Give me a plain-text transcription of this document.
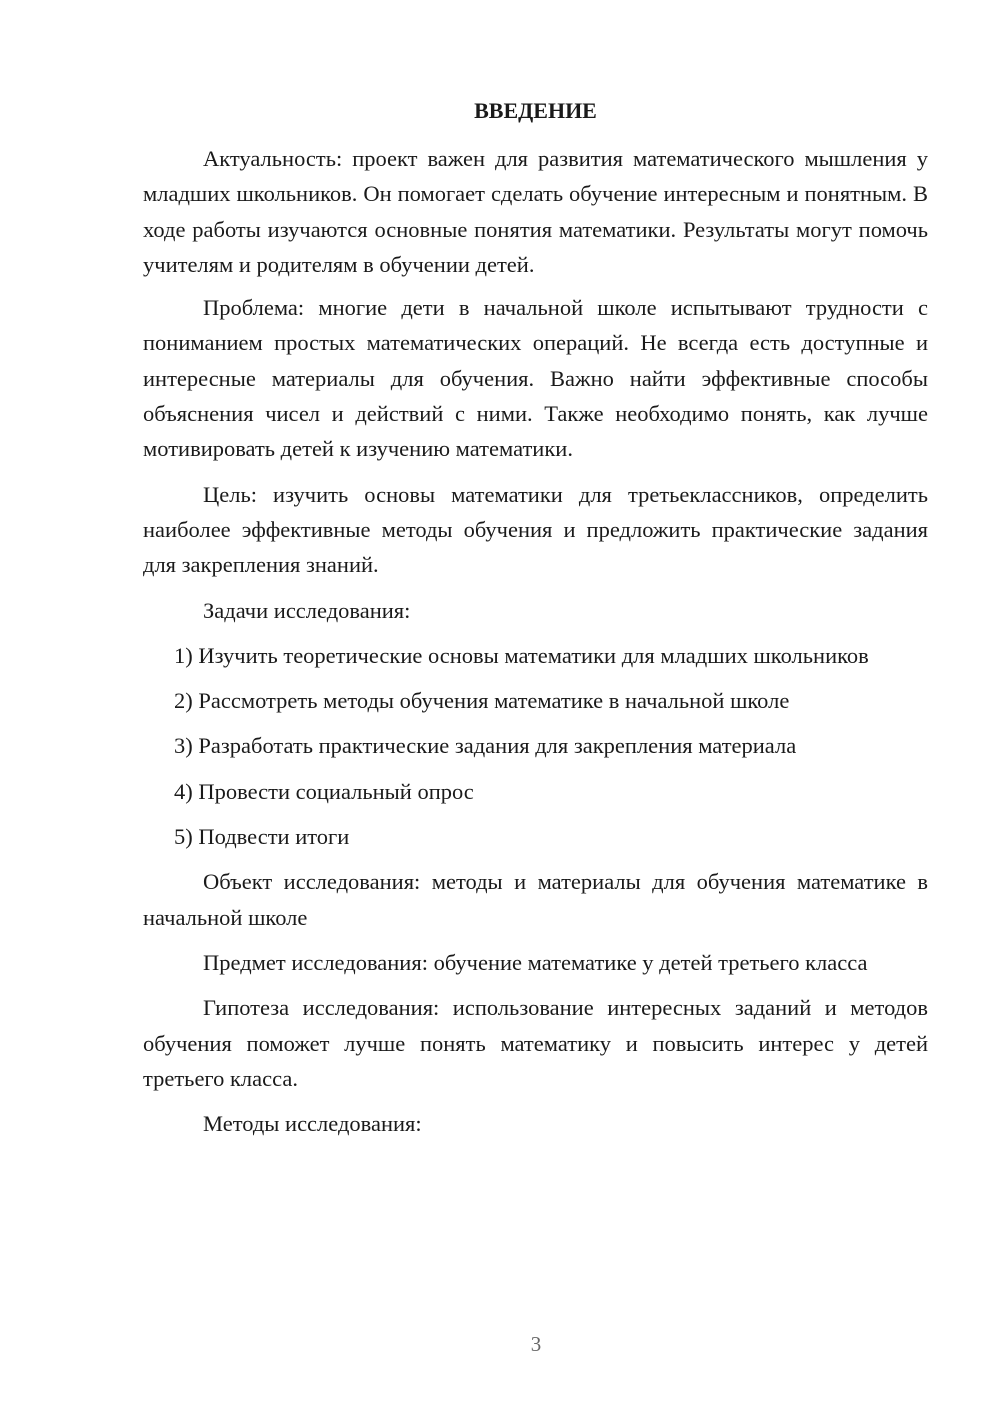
ВВЕДЕНИЕ

Актуальность: проект важен для развития математического мышления у младших школьников. Он помогает сделать обучение интересным и понятным. В ходе работы изучаются основные понятия математики. Результаты могут помочь учителям и родителям в обучении детей.

Проблема: многие дети в начальной школе испытывают трудности с пониманием простых математических операций. Не всегда есть доступные и интересные материалы для обучения. Важно найти эффективные способы объяснения чисел и действий с ними. Также необходимо понять, как лучше мотивировать детей к изучению математики.

Цель: изучить основы математики для третьеклассников, определить наиболее эффективные методы обучения и предложить практические задания для закрепления знаний.

Задачи исследования:

1) Изучить теоретические основы математики для младших школьников

2) Рассмотреть методы обучения математике в начальной школе

3) Разработать практические задания для закрепления материала

4) Провести социальный опрос

5) Подвести итоги

Объект исследования: методы и материалы для обучения математике в начальной школе

Предмет исследования: обучение математике у детей третьего класса

Гипотеза исследования: использование интересных заданий и методов обучения поможет лучше понять математику и повысить интерес у детей третьего класса.

Методы исследования:

3
